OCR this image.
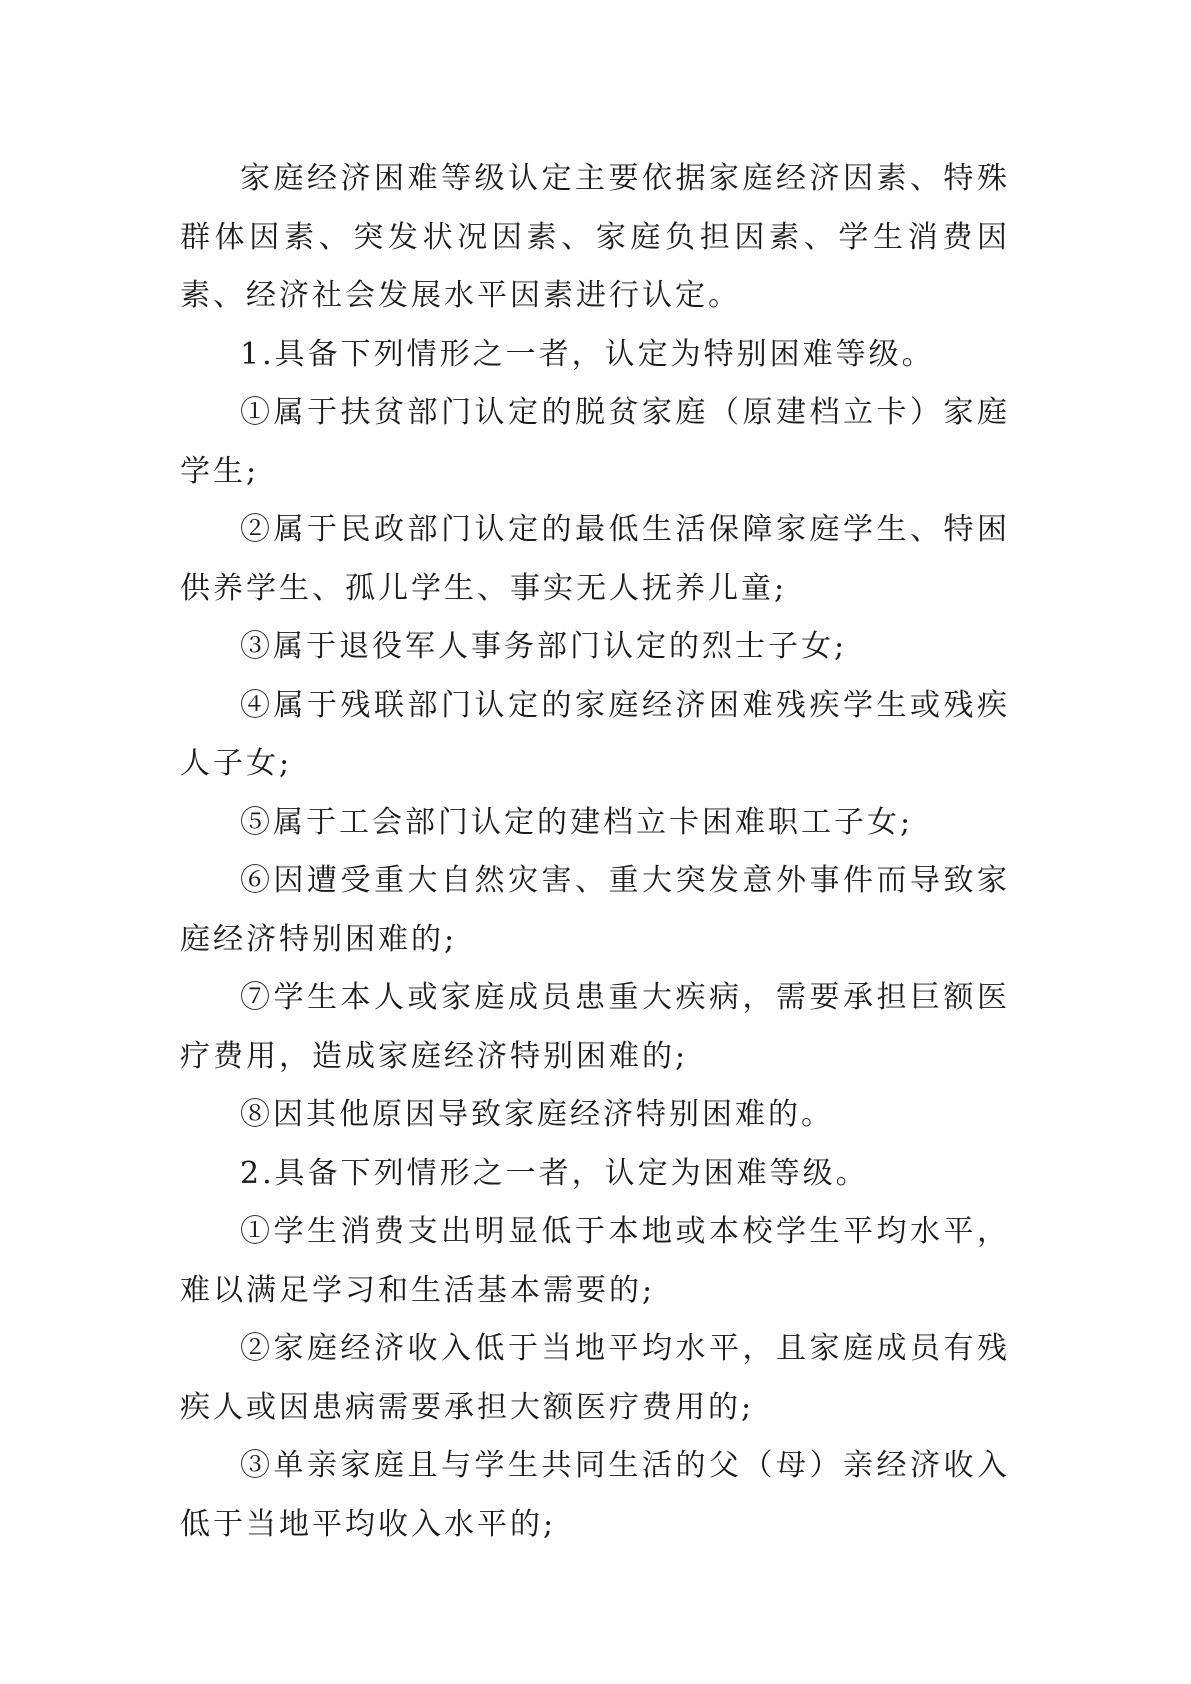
家庭经济困难等级认定主要依据家庭经济因素、特殊群体因素、突发状况因素、家庭负担因素、学生消费因素、经济社会发展水平因素进行认定。

1.具备下列情形之一者，认定为特别困难等级。

①属于扶贫部门认定的脱贫家庭（原建档立卡）家庭学生;

②属于民政部门认定的最低生活保障家庭学生、特困供养学生、孤儿学生、事实无人抚养儿童;

③属于退役军人事务部门认定的烈士子女;

④属于残联部门认定的家庭经济困难残疾学生或残疾人子女;

⑤属于工会部门认定的建档立卡困难职工子女;

⑥因遭受重大自然灾害、重大突发意外事件而导致家庭经济特别困难的;

⑦学生本人或家庭成员患重大疾病，需要承担巨额医疗费用，造成家庭经济特别困难的;

⑧因其他原因导致家庭经济特别困难的。

2.具备下列情形之一者，认定为困难等级。

①学生消费支出明显低于本地或本校学生平均水平，难以满足学习和生活基本需要的;

②家庭经济收入低于当地平均水平，且家庭成员有残疾人或因患病需要承担大额医疗费用的;

③单亲家庭且与学生共同生活的父（母）亲经济收入低于当地平均收入水平的;
